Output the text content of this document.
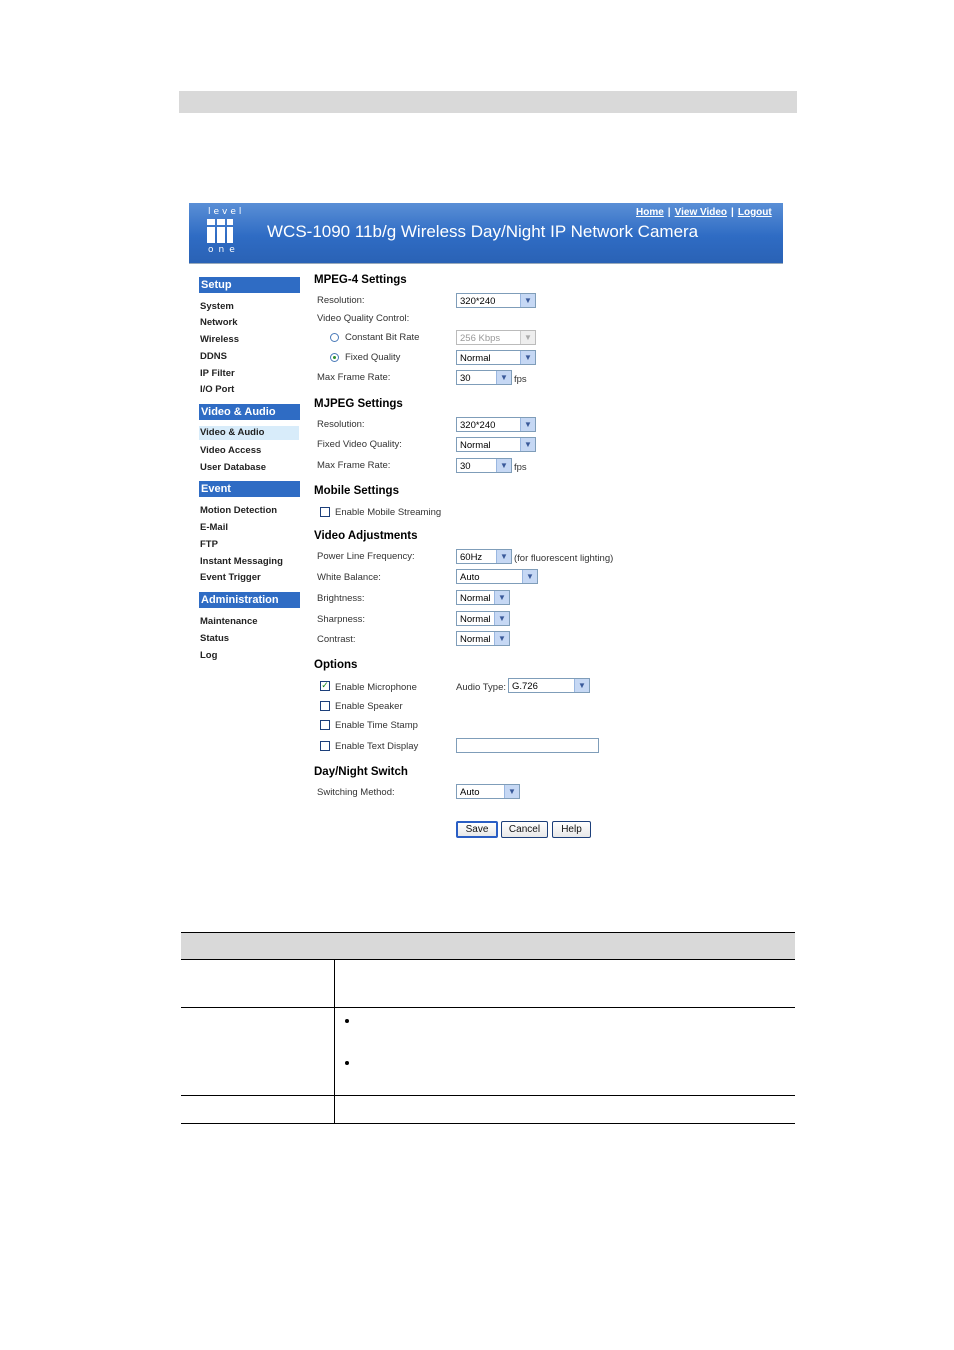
level
one
WCS-1090 11b/g Wireless Day/Night IP Network Camera
Home | View Video | Logout
Setup
System
Network
Wireless
DDNS
IP Filter
I/O Port
Video & Audio
Video & Audio
Video Access
User Database
Event
Motion Detection
E-Mail
FTP
Instant Messaging
Event Trigger
Administration
Maintenance
Status
Log
MPEG-4 Settings
Resolution:	320*240	▼
Video Quality Control:
Constant Bit Rate	256 Kbps	▼
Fixed Quality	Normal	▼
Max Frame Rate:	30	▼ fps
MJPEG Settings
Resolution:	320*240	▼
Fixed Video Quality:	Normal	▼
Max Frame Rate:	30	▼ fps
Mobile Settings
Enable Mobile Streaming
Video Adjustments
Power Line Frequency:	60Hz	▼ (for fluorescent lighting)
White Balance:	Auto	▼
Brightness:	Normal ▼
Sharpness:	Normal ▼
Contrast:	Normal ▼
Options
✓ Enable Microphone	Audio Type: G.726	▼
Enable Speaker
Enable Time Stamp
Enable Text Display
Day/Night Switch
Switching Method:	Auto	▼
Save	Cancel	Help
